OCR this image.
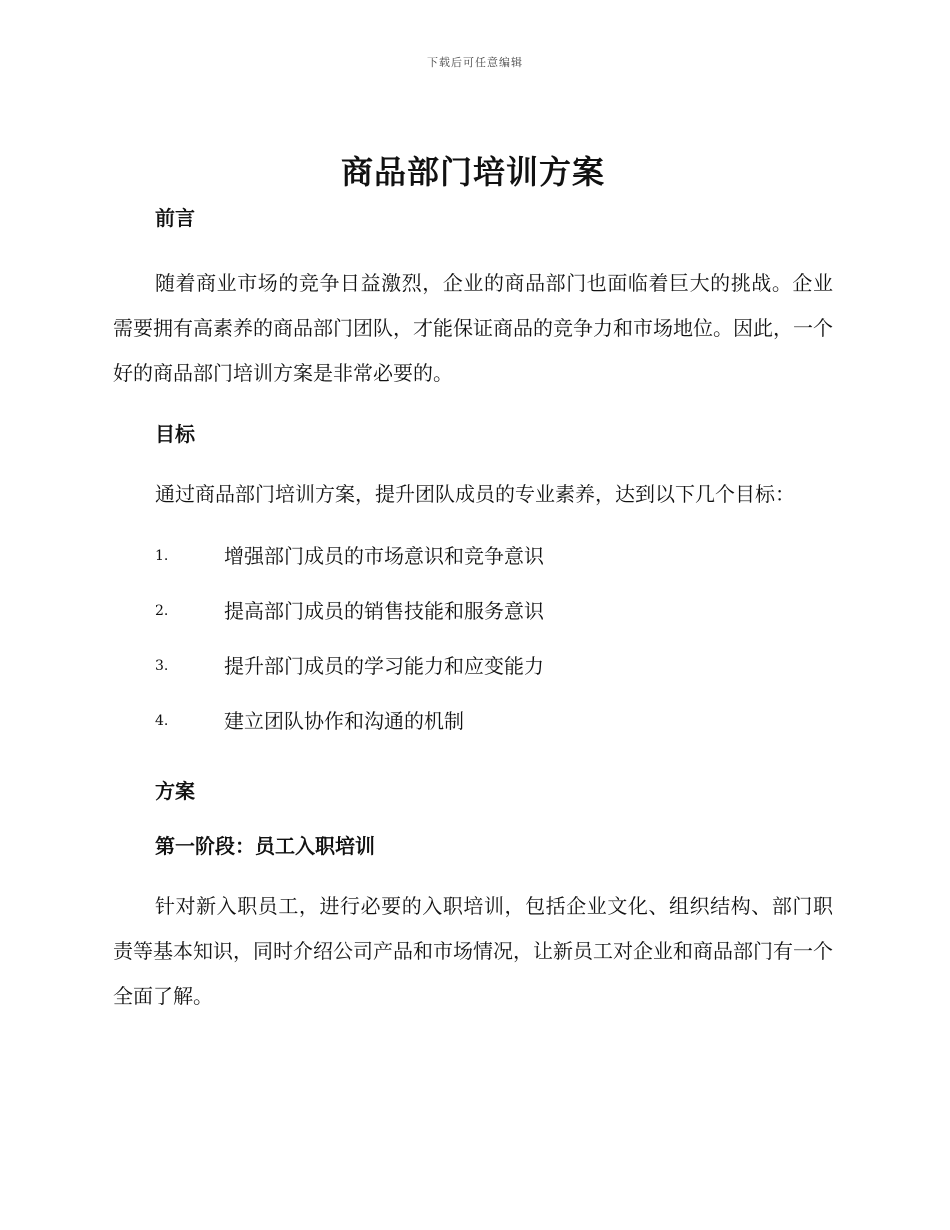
下载后可任意编辑
商品部门培训方案
前言

随着商业市场的竞争日益激烈，企业的商品部门也面临着巨大的挑战。企业需要拥有高素养的商品部门团队，才能保证商品的竞争力和市场地位。因此，一个好的商品部门培训方案是非常必要的。

目标

通过商品部门培训方案，提升团队成员的专业素养，达到以下几个目标：

1.	增强部门成员的市场意识和竞争意识
2.	提高部门成员的销售技能和服务意识
3.	提升部门成员的学习能力和应变能力
4.	建立团队协作和沟通的机制
方案
第一阶段：员工入职培训

针对新入职员工，进行必要的入职培训，包括企业文化、组织结构、部门职责等基本知识，同时介绍公司产品和市场情况，让新员工对企业和商品部门有一个全面了解。
